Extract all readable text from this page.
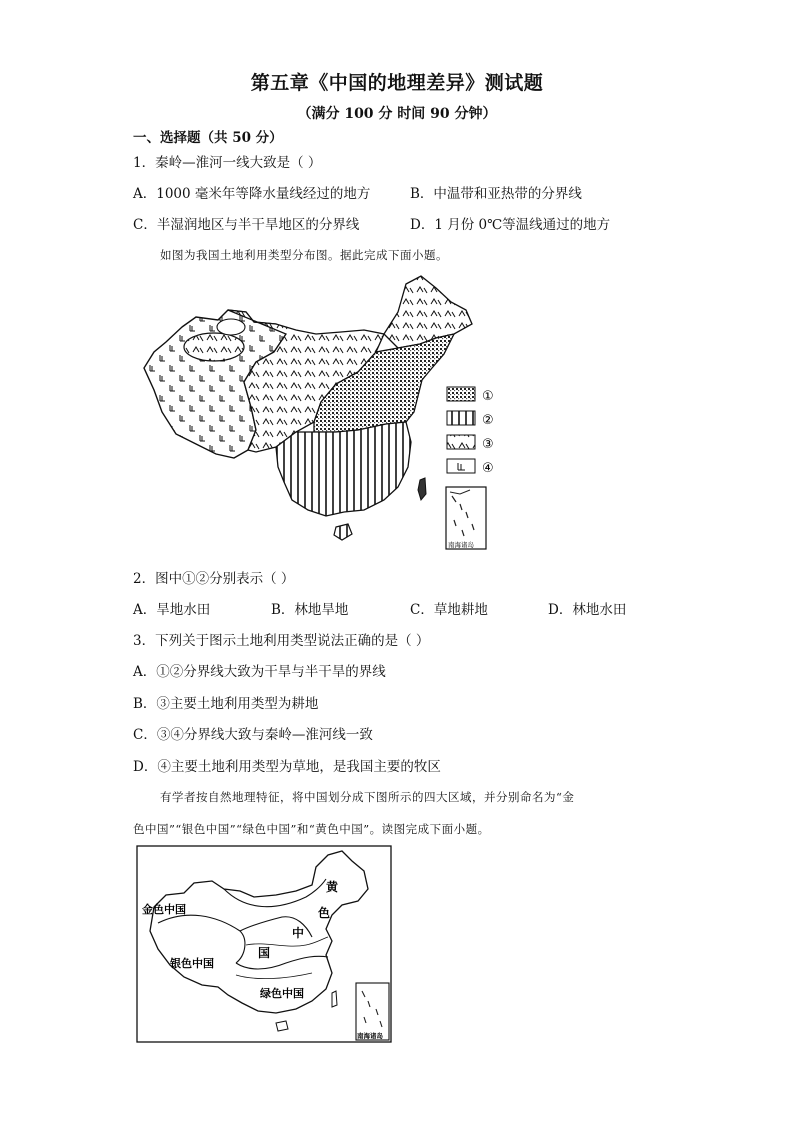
第五章《中国的地理差异》测试题
（满分 100 分 时间 90 分钟）
一、选择题（共 50 分）
1．秦岭—淮河一线大致是（ ）
A．1000 毫米年等降水量线经过的地方	B．中温带和亚热带的分界线
C．半湿润地区与半干旱地区的分界线	D．1 月份 0℃等温线通过的地方
如图为我国土地利用类型分布图。据此完成下面小题。
①
②
③
④
南海诸岛
2．图中①②分别表示（ ）
A．旱地水田	B．林地旱地	C．草地耕地	D．林地水田
3．下列关于图示土地利用类型说法正确的是（ ）
A．①②分界线大致为干旱与半干旱的界线
B．③主要土地利用类型为耕地
C．③④分界线大致与秦岭—淮河线一致
D．④主要土地利用类型为草地，是我国主要的牧区
有学者按自然地理特征，将中国划分成下图所示的四大区域，并分别命名为“金
色中国”“银色中国”“绿色中国”和“黄色中国”。读图完成下面小题。
金色中国
银色中国
绿色中国
黄
色
中
国
南海诸岛
